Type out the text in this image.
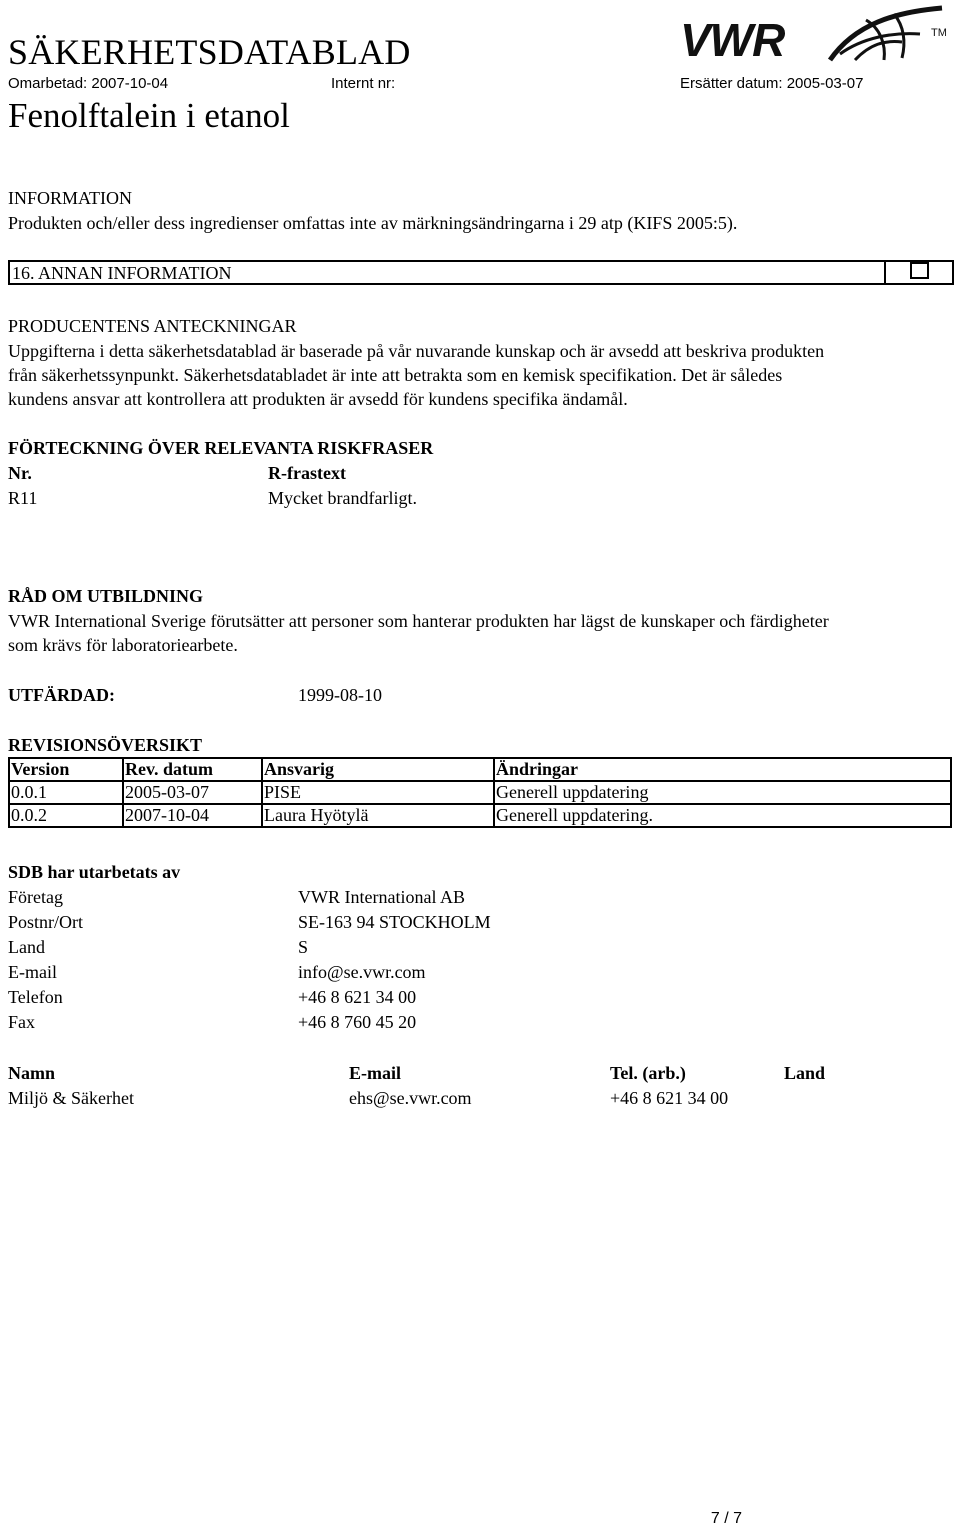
SÄKERHETSDATABLAD	VWR	TM
Omarbetad: 2007-10-04	Internt nr:	Ersätter datum: 2005-03-07
Fenolftalein i etanol
INFORMATION
Produkten och/eller dess ingredienser omfattas inte av märkningsändringarna i 29 atp (KIFS 2005:5).
16. ANNAN INFORMATION
PRODUCENTENS ANTECKNINGAR
Uppgifterna i detta säkerhetsdatablad är baserade på vår nuvarande kunskap och är avsedd att beskriva produkten
från säkerhetssynpunkt. Säkerhetsdatabladet är inte att betrakta som en kemisk specifikation. Det är således
kundens ansvar att kontrollera att produkten är avsedd för kundens specifika ändamål.
FÖRTECKNING ÖVER RELEVANTA RISKFRASER
Nr.	R-frastext
R11	Mycket brandfarligt.
RÅD OM UTBILDNING
VWR International Sverige förutsätter att personer som hanterar produkten har lägst de kunskaper och färdigheter
som krävs för laboratoriearbete.
UTFÄRDAD:	1999-08-10
REVISIONSÖVERSIKT
Version	Rev. datum	Ansvarig	Ändringar
0.0.1	2005-03-07	PISE	Generell uppdatering
0.0.2	2007-10-04	Laura Hyötylä	Generell uppdatering.
SDB har utarbetats av
Företag	VWR International AB
Postnr/Ort	SE-163 94 STOCKHOLM
Land	S
E-mail	info@se.vwr.com
Telefon	+46 8 621 34 00
Fax	+46 8 760 45 20
Namn	E-mail	Tel. (arb.)	Land
Miljö & Säkerhet	ehs@se.vwr.com	+46 8 621 34 00
7 / 7
